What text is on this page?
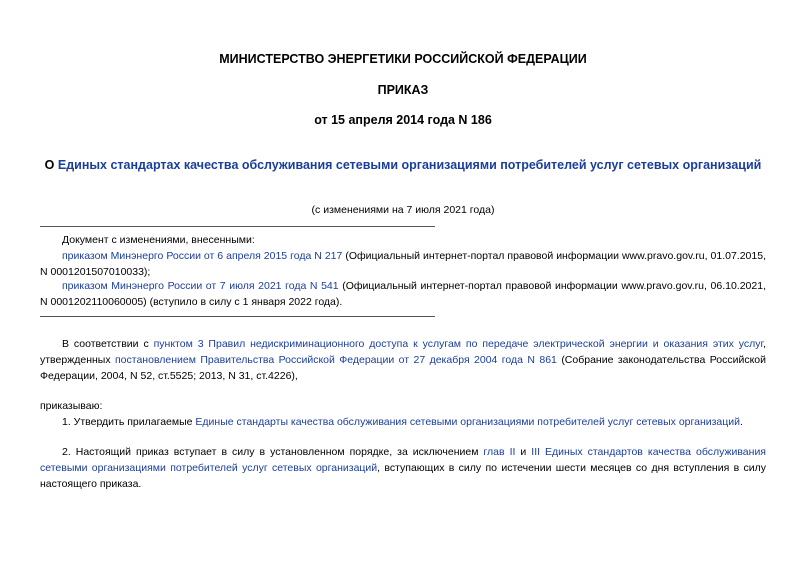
МИНИСТЕРСТВО ЭНЕРГЕТИКИ РОССИЙСКОЙ ФЕДЕРАЦИИ
ПРИКАЗ
от 15 апреля 2014 года N 186
О Единых стандартах качества обслуживания сетевыми организациями потребителей услуг сетевых организаций
(с изменениями на 7 июля 2021 года)
Документ с изменениями, внесенными:
приказом Минэнерго России от 6 апреля 2015 года N 217 (Официальный интернет-портал правовой информации www.pravo.gov.ru, 01.07.2015, N 0001201507010033);
приказом Минэнерго России от 7 июля 2021 года N 541 (Официальный интернет-портал правовой информации www.pravo.gov.ru, 06.10.2021, N 0001202110060005) (вступило в силу с 1 января 2022 года).
В соответствии с пунктом 3 Правил недискриминационного доступа к услугам по передаче электрической энергии и оказания этих услуг, утвержденных постановлением Правительства Российской Федерации от 27 декабря 2004 года N 861 (Собрание законодательства Российской Федерации, 2004, N 52, ст.5525; 2013, N 31, ст.4226),
приказываю:
1. Утвердить прилагаемые Единые стандарты качества обслуживания сетевыми организациями потребителей услуг сетевых организаций.
2. Настоящий приказ вступает в силу в установленном порядке, за исключением глав II и III Единых стандартов качества обслуживания сетевыми организациями потребителей услуг сетевых организаций, вступающих в силу по истечении шести месяцев со дня вступления в силу настоящего приказа.
